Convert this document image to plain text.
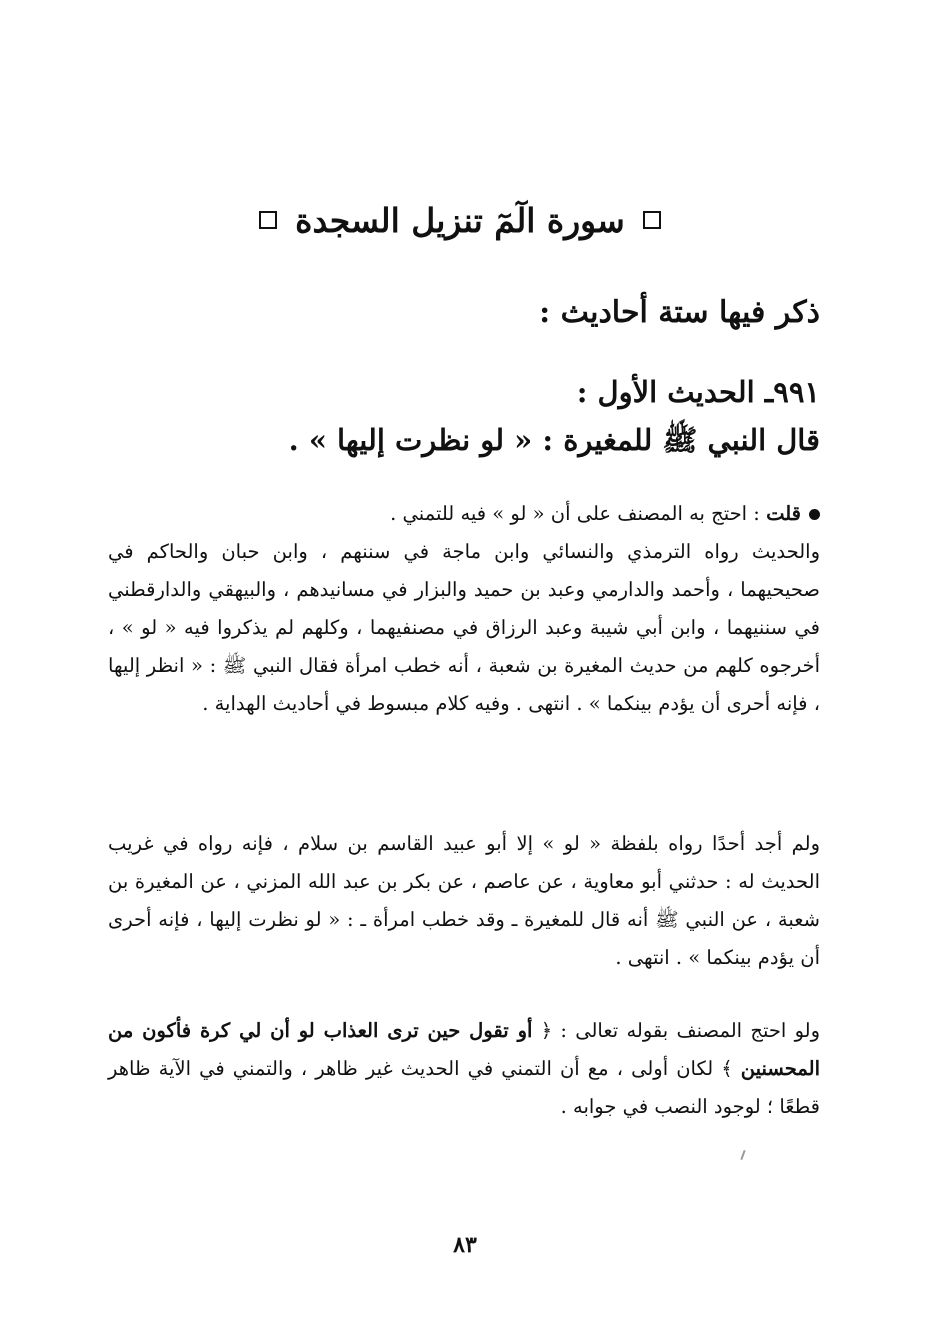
سورة الٓمٓ تنزيل السجدة
ذكر فيها ستة أحاديث :
٩٩١ـ الحديث الأول :
قال النبي ﷺ للمغيرة : « لو نظرت إليها » .
قلت : احتج به المصنف على أن « لو » فيه للتمني .
والحديث رواه الترمذي والنسائي وابن ماجة في سننهم ، وابن حبان والحاكم في صحيحيهما ، وأحمد والدارمي وعبد بن حميد والبزار في مسانيدهم ، والبيهقي والدارقطني في سننيهما ، وابن أبي شيبة وعبد الرزاق في مصنفيهما ، وكلهم لم يذكروا فيه « لو » ، أخرجوه كلهم من حديث المغيرة بن شعبة ، أنه خطب امرأة فقال النبي ﷺ : « انظر إليها ، فإنه أحرى أن يؤدم بينكما » . انتهى . وفيه كلام مبسوط في أحاديث الهداية .

ولم أجد أحدًا رواه بلفظة « لو » إلا أبو عبيد القاسم بن سلام ، فإنه رواه في غريب الحديث له : حدثني أبو معاوية ، عن عاصم ، عن بكر بن عبد الله المزني ، عن المغيرة بن شعبة ، عن النبي ﷺ أنه قال للمغيرة ـ وقد خطب امرأة ـ : « لو نظرت إليها ، فإنه أحرى أن يؤدم بينكما » . انتهى .

ولو احتج المصنف بقوله تعالى : ﴿ أو تقول حين ترى العذاب لو أن لي كرة فأكون من المحسنين ﴾ لكان أولى ، مع أن التمني في الحديث غير ظاهر ، والتمني في الآية ظاهر قطعًا ؛ لوجود النصب في جوابه .

٨٣
